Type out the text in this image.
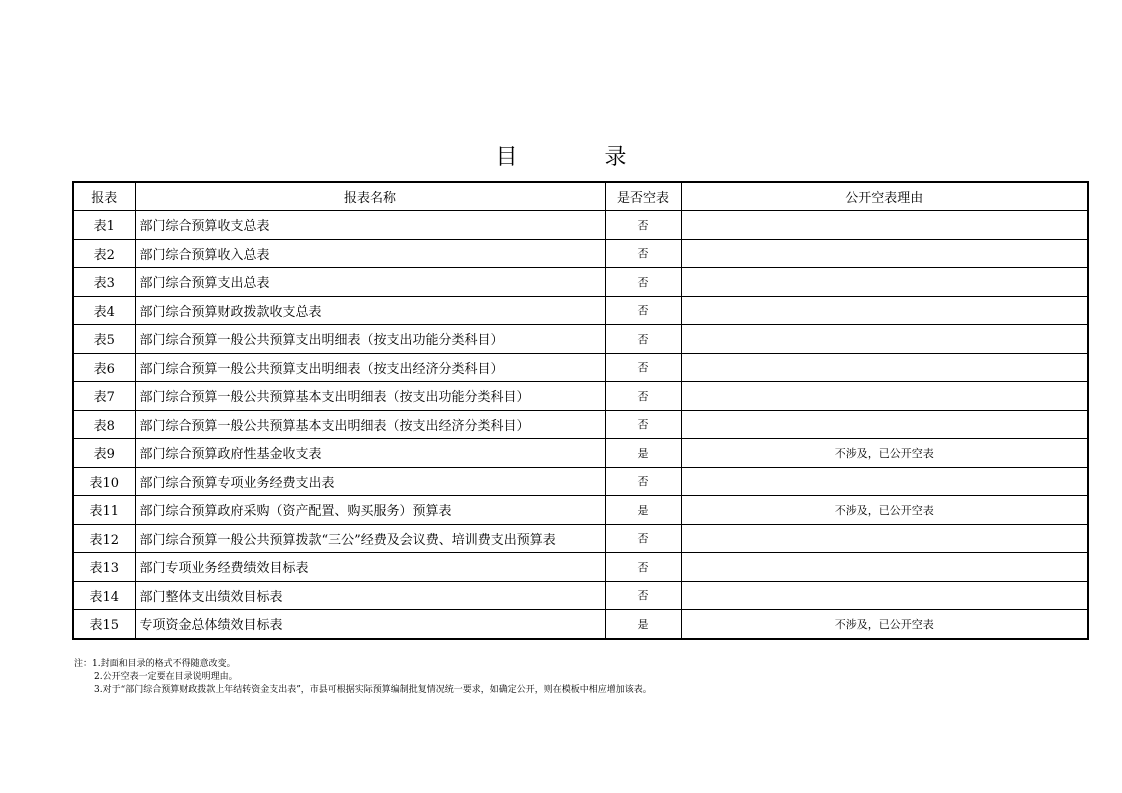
目 录
报表	报表名称	是否空表	公开空表理由
表1	部门综合预算收支总表	否	
表2	部门综合预算收入总表	否	
表3	部门综合预算支出总表	否	
表4	部门综合预算财政拨款收支总表	否	
表5	部门综合预算一般公共预算支出明细表（按支出功能分类科目）	否	
表6	部门综合预算一般公共预算支出明细表（按支出经济分类科目）	否	
表7	部门综合预算一般公共预算基本支出明细表（按支出功能分类科目）	否	
表8	部门综合预算一般公共预算基本支出明细表（按支出经济分类科目）	否	
表9	部门综合预算政府性基金收支表	是	不涉及，已公开空表
表10	部门综合预算专项业务经费支出表	否	
表11	部门综合预算政府采购（资产配置、购买服务）预算表	是	不涉及，已公开空表
表12	部门综合预算一般公共预算拨款“三公”经费及会议费、培训费支出预算表	否	
表13	部门专项业务经费绩效目标表	否	
表14	部门整体支出绩效目标表	否	
表15	专项资金总体绩效目标表	是	不涉及，已公开空表
注：1.封面和目录的格式不得随意改变。
2.公开空表一定要在目录说明理由。
3.对于“部门综合预算财政拨款上年结转资金支出表”，市县可根据实际预算编制批复情况统一要求，如确定公开，则在模板中相应增加该表。
